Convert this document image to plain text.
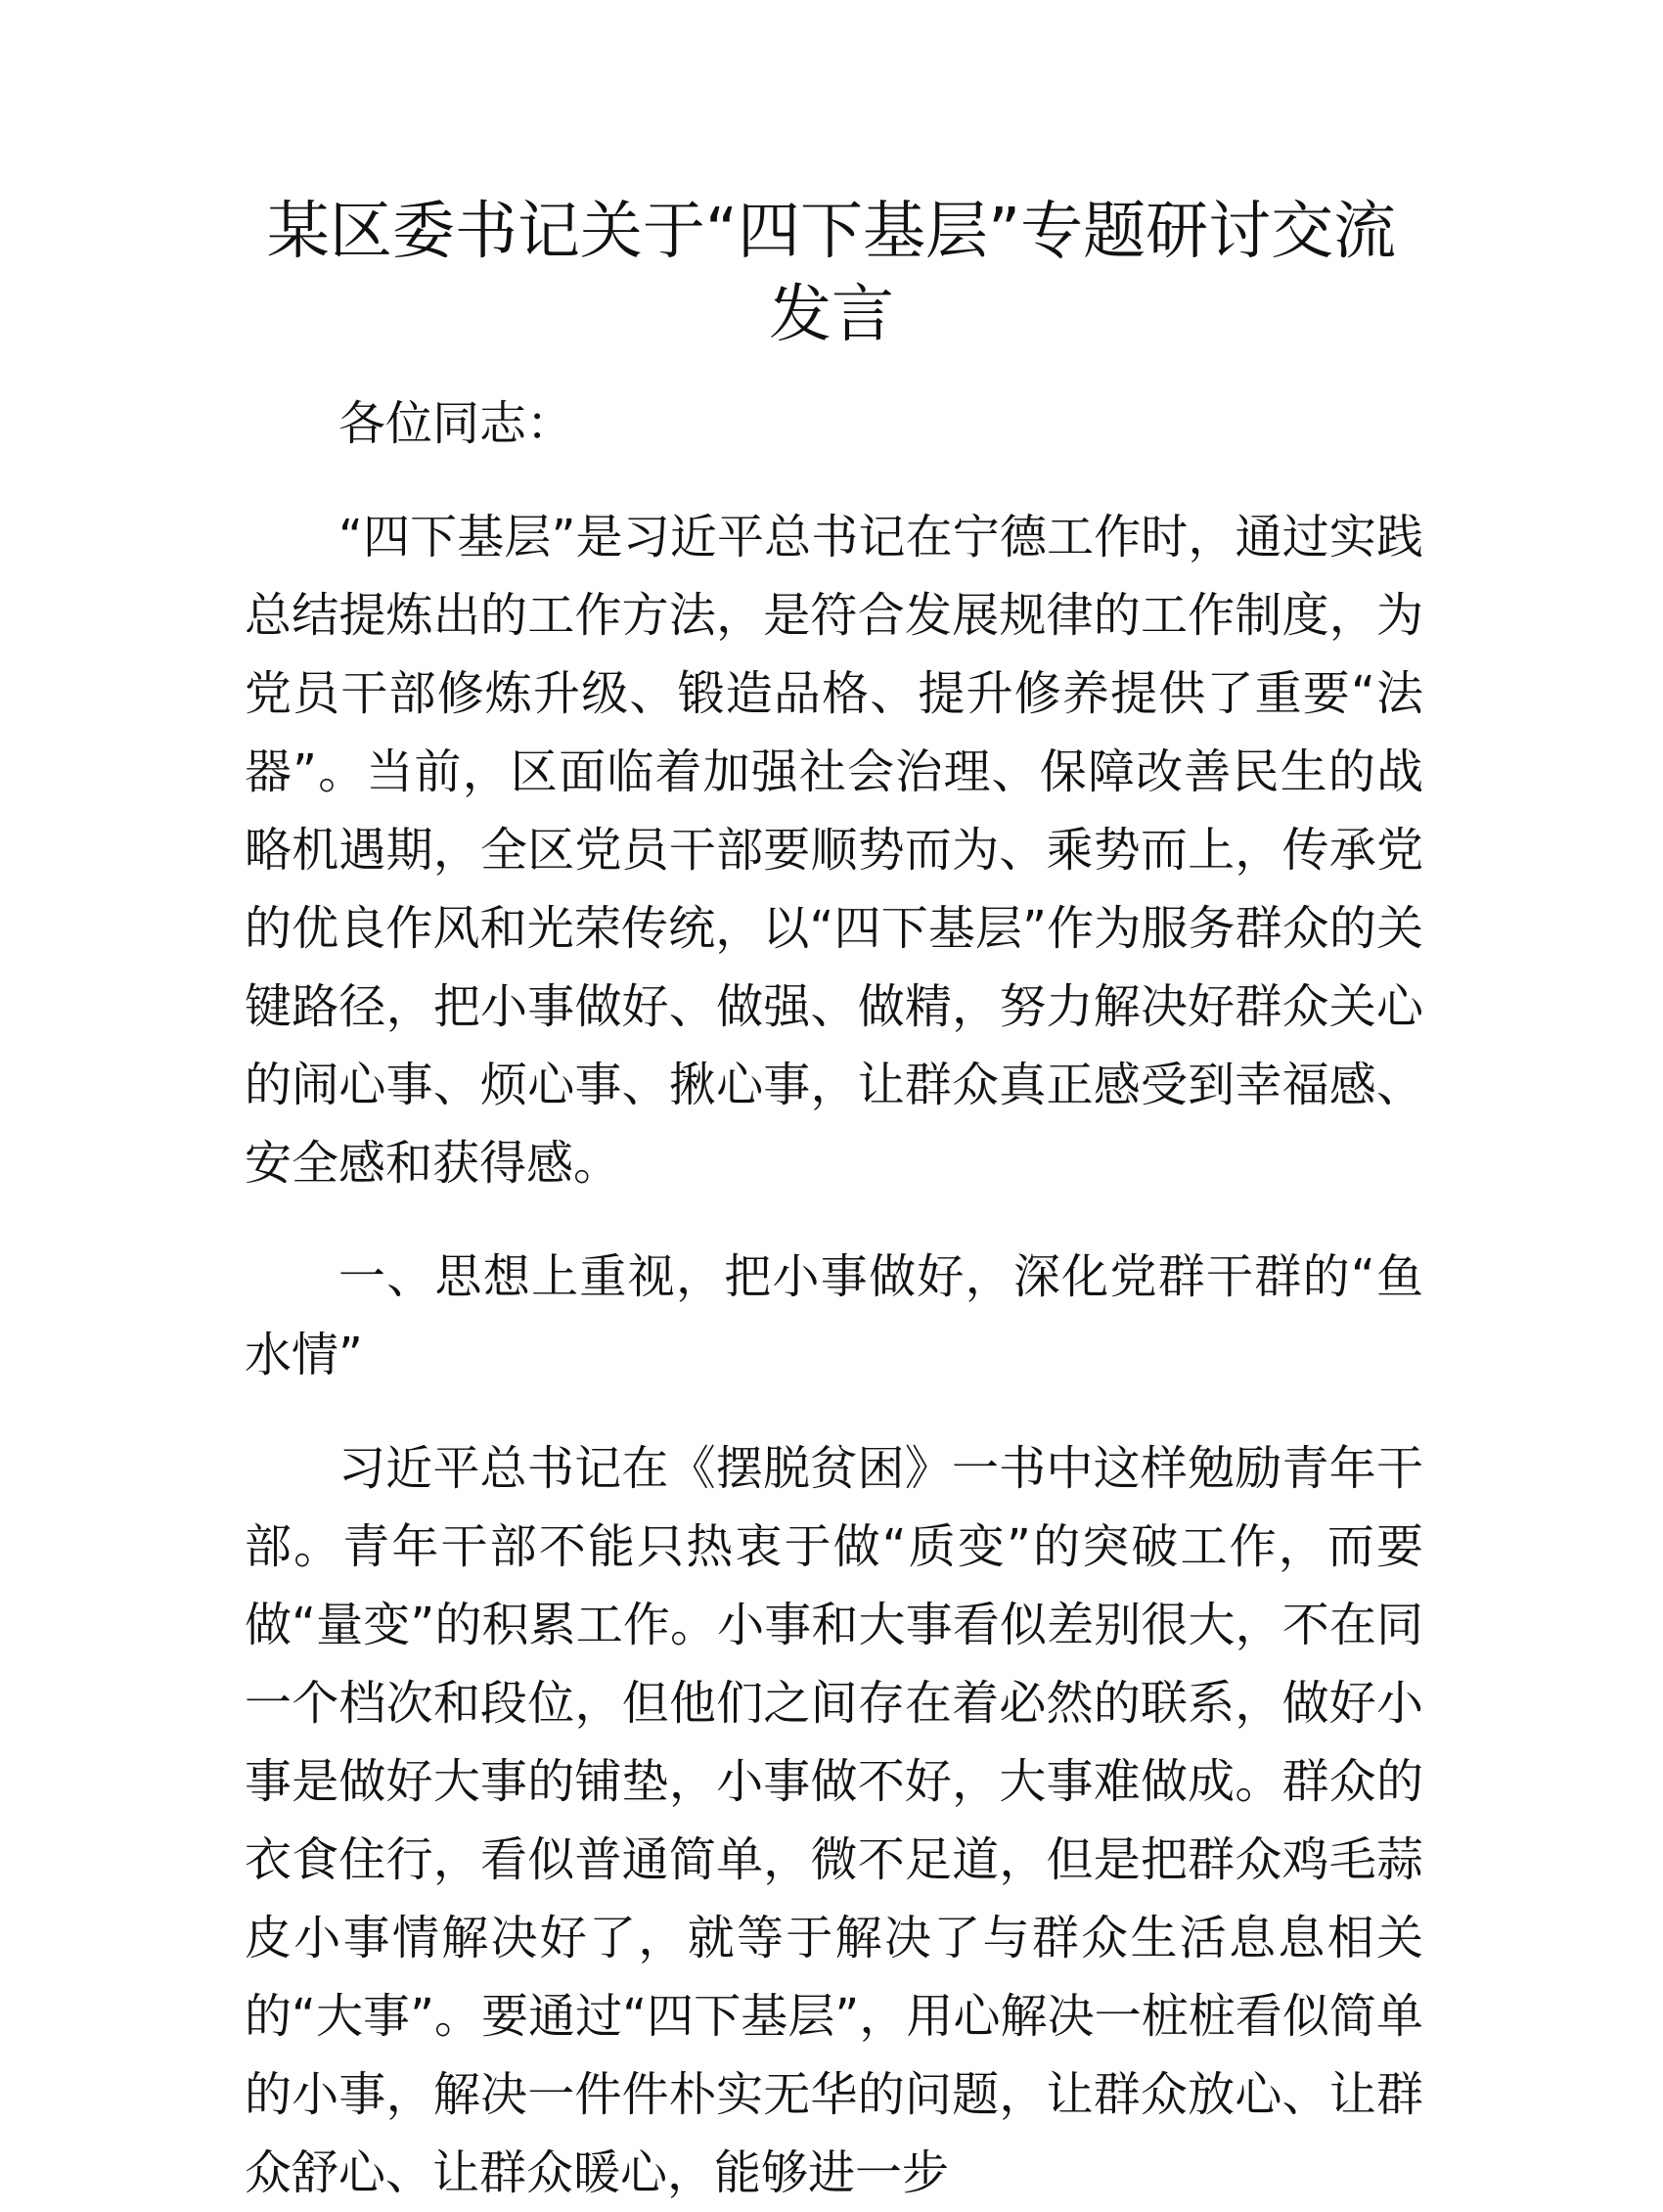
某区委书记关于“四下基层”专题研讨交流发言

各位同志：

“四下基层”是习近平总书记在宁德工作时，通过实践总结提炼出的工作方法，是符合发展规律的工作制度，为党员干部修炼升级、锻造品格、提升修养提供了重要“法器”。当前，区面临着加强社会治理、保障改善民生的战略机遇期，全区党员干部要顺势而为、乘势而上，传承党的优良作风和光荣传统，以“四下基层”作为服务群众的关键路径，把小事做好、做强、做精，努力解决好群众关心的闹心事、烦心事、揪心事，让群众真正感受到幸福感、安全感和获得感。

一、思想上重视，把小事做好，深化党群干群的“鱼水情”

习近平总书记在《摆脱贫困》一书中这样勉励青年干部。青年干部不能只热衷于做“质变”的突破工作，而要做“量变”的积累工作。小事和大事看似差别很大，不在同一个档次和段位，但他们之间存在着必然的联系，做好小事是做好大事的铺垫，小事做不好，大事难做成。群众的衣食住行，看似普通简单，微不足道，但是把群众鸡毛蒜皮小事情解决好了，就等于解决了与群众生活息息相关的“大事”。要通过“四下基层”，用心解决一桩桩看似简单的小事，解决一件件朴实无华的问题，让群众放心、让群众舒心、让群众暖心，能够进一步
